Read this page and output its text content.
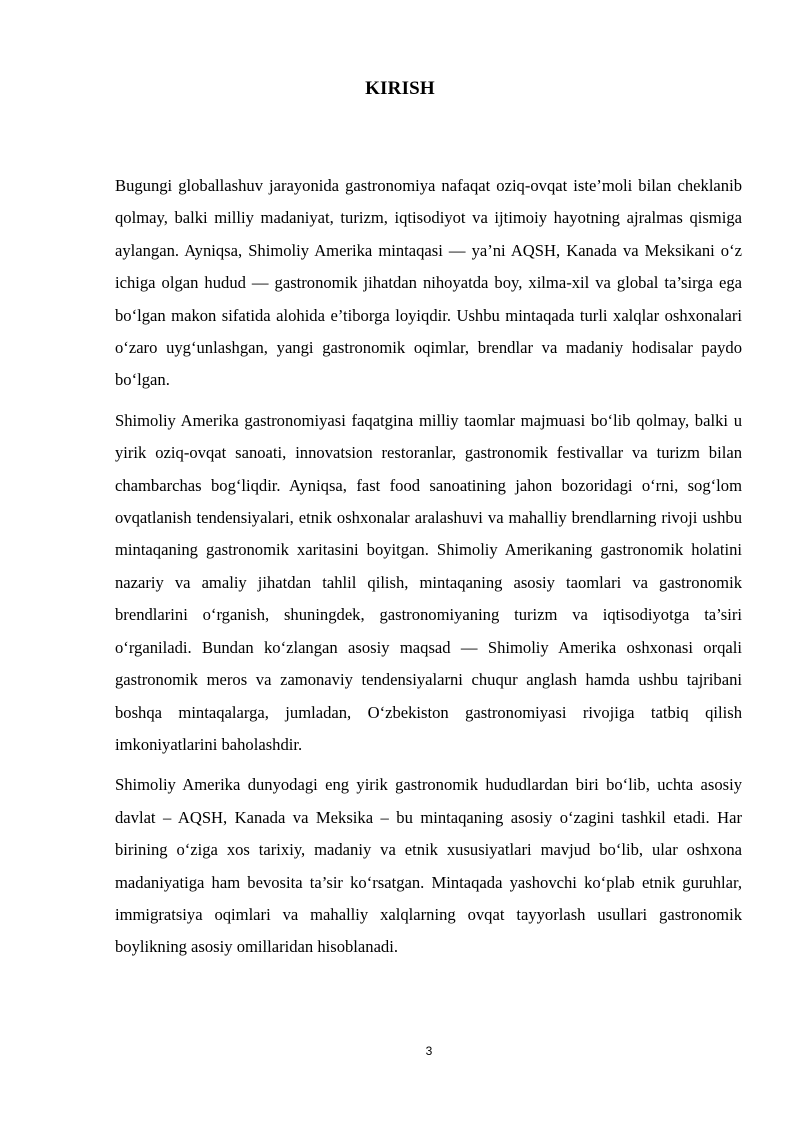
KIRISH

Bugungi globallashuv jarayonida gastronomiya nafaqat oziq-ovqat iste’moli bilan cheklanib qolmay, balki milliy madaniyat, turizm, iqtisodiyot va ijtimoiy hayotning ajralmas qismiga aylangan. Ayniqsa, Shimoliy Amerika mintaqasi — ya’ni AQSH, Kanada va Meksikani o‘z ichiga olgan hudud — gastronomik jihatdan nihoyatda boy, xilma-xil va global ta’sirga ega bo‘lgan makon sifatida alohida e’tiborga loyiqdir. Ushbu mintaqada turli xalqlar oshxonalari o‘zaro uyg‘unlashgan, yangi gastronomik oqimlar, brendlar va madaniy hodisalar paydo bo‘lgan.

Shimoliy Amerika gastronomiyasi faqatgina milliy taomlar majmuasi bo‘lib qolmay, balki u yirik oziq-ovqat sanoati, innovatsion restoranlar, gastronomik festivallar va turizm bilan chambarchas bog‘liqdir. Ayniqsa, fast food sanoatining jahon bozoridagi o‘rni, sog‘lom ovqatlanish tendensiyalari, etnik oshxonalar aralashuvi va mahalliy brendlarning rivoji ushbu mintaqaning gastronomik xaritasini boyitgan. Shimoliy Amerikaning gastronomik holatini nazariy va amaliy jihatdan tahlil qilish, mintaqaning asosiy taomlari va gastronomik brendlarini o‘rganish, shuningdek, gastronomiyaning turizm va iqtisodiyotga ta’siri o‘rganiladi. Bundan ko‘zlangan asosiy maqsad — Shimoliy Amerika oshxonasi orqali gastronomik meros va zamonaviy tendensiyalarni chuqur anglash hamda ushbu tajribani boshqa mintaqalarga, jumladan, O‘zbekiston gastronomiyasi rivojiga tatbiq qilish imkoniyatlarini baholashdir.

Shimoliy Amerika dunyodagi eng yirik gastronomik hududlardan biri bo‘lib, uchta asosiy davlat – AQSH, Kanada va Meksika – bu mintaqaning asosiy o‘zagini tashkil etadi. Har birining o‘ziga xos tarixiy, madaniy va etnik xususiyatlari mavjud bo‘lib, ular oshxona madaniyatiga ham bevosita ta’sir ko‘rsatgan. Mintaqada yashovchi ko‘plab etnik guruhlar, immigratsiya oqimlari va mahalliy xalqlarning ovqat tayyorlash usullari gastronomik boylikning asosiy omillaridan hisoblanadi.

3
